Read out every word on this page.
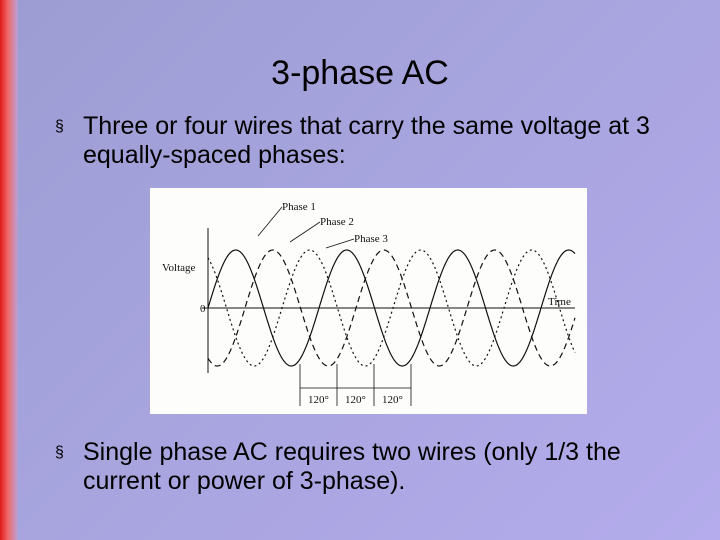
3-phase AC
§ Three or four wires that carry the same voltage at 3 equally-spaced phases:
Voltage
Time
0
Phase 1
Phase 2
Phase 3
120° 120° 120°
§ Single phase AC requires two wires (only 1/3 the current or power of 3-phase).
